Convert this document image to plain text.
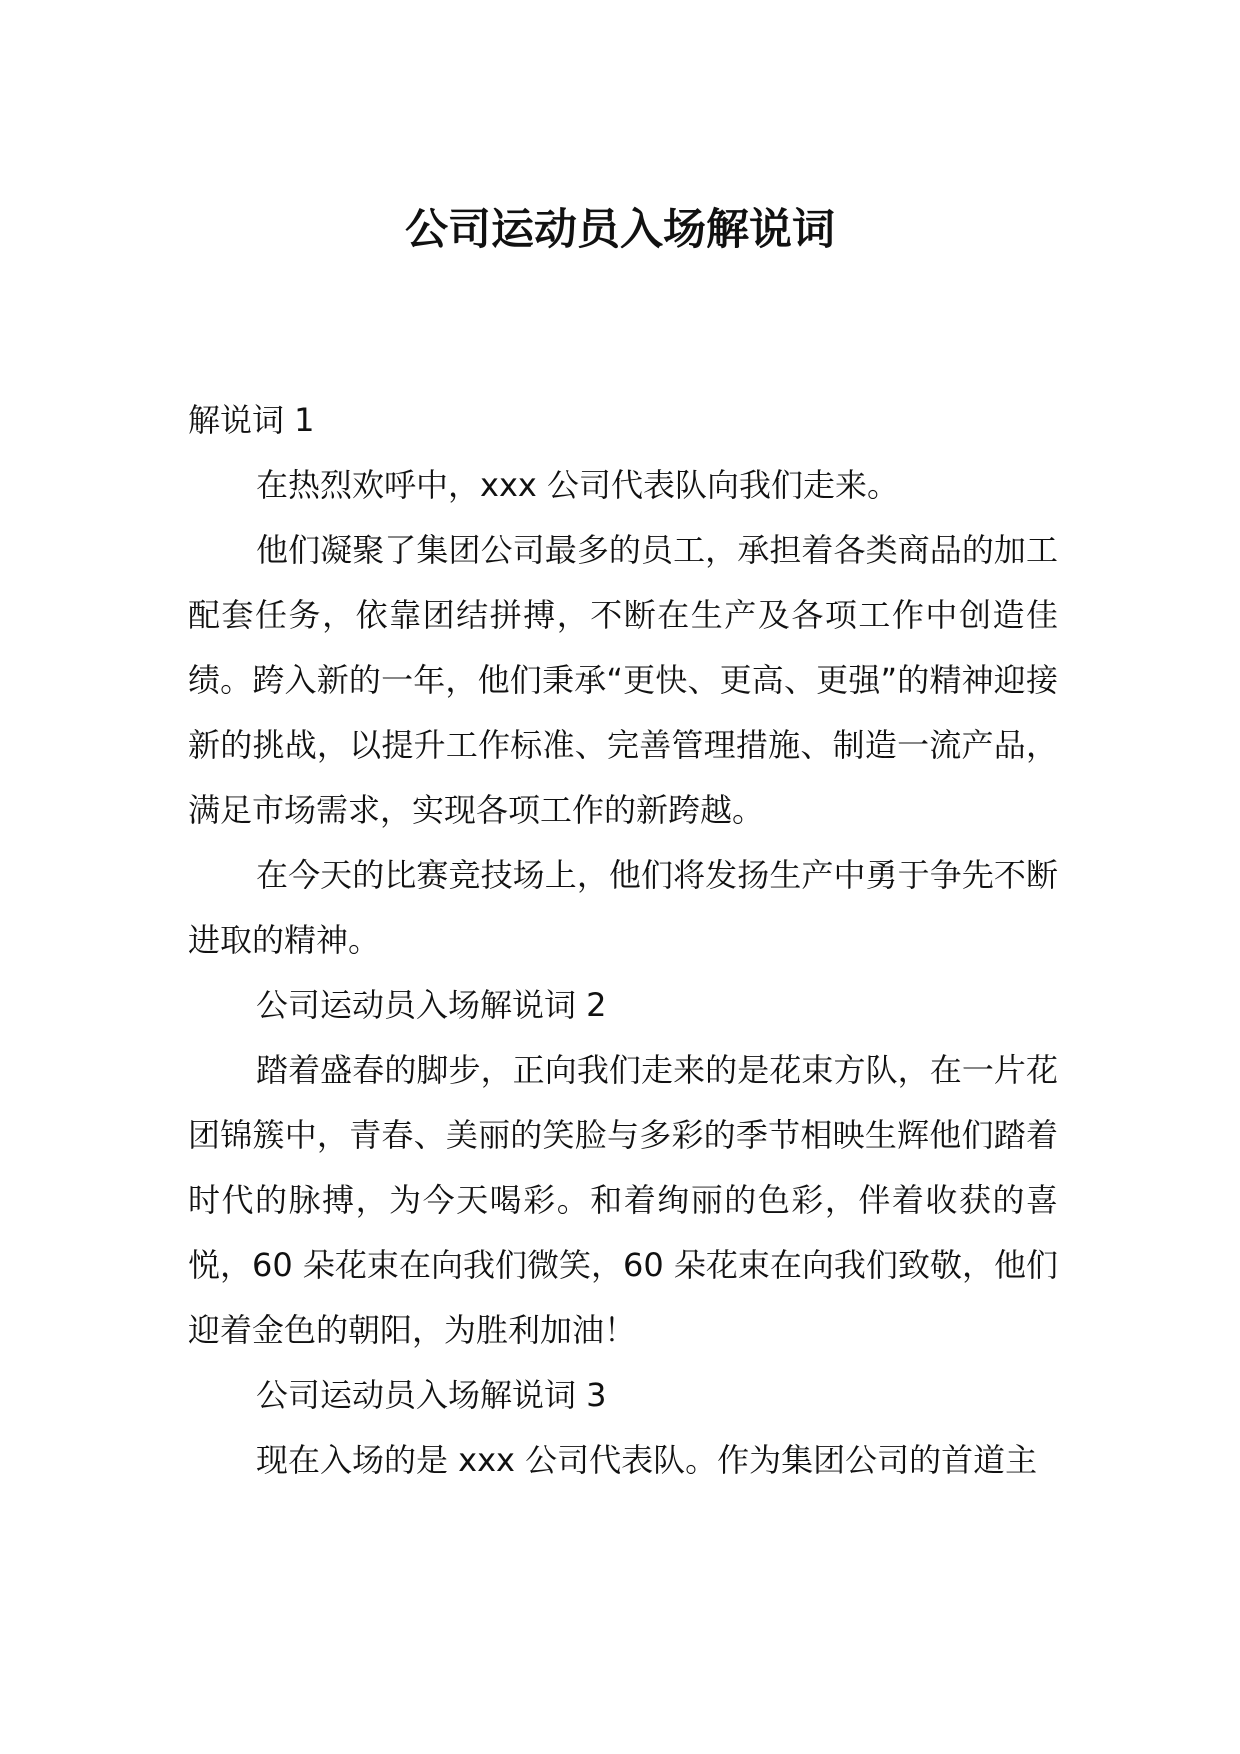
公司运动员入场解说词

解说词 1

在热烈欢呼中，xxx 公司代表队向我们走来。

他们凝聚了集团公司最多的员工，承担着各类商品的加工配套任务，依靠团结拼搏，不断在生产及各项工作中创造佳绩。跨入新的一年，他们秉承“更快、更高、更强”的精神迎接新的挑战，以提升工作标准、完善管理措施、制造一流产品，满足市场需求，实现各项工作的新跨越。

在今天的比赛竞技场上，他们将发扬生产中勇于争先不断进取的精神。

公司运动员入场解说词 2

踏着盛春的脚步，正向我们走来的是花束方队，在一片花团锦簇中，青春、美丽的笑脸与多彩的季节相映生辉他们踏着时代的脉搏，为今天喝彩。和着绚丽的色彩，伴着收获的喜悦，60 朵花束在向我们微笑，60 朵花束在向我们致敬，他们迎着金色的朝阳，为胜利加油！

公司运动员入场解说词 3

现在入场的是 xxx 公司代表队。作为集团公司的首道主
